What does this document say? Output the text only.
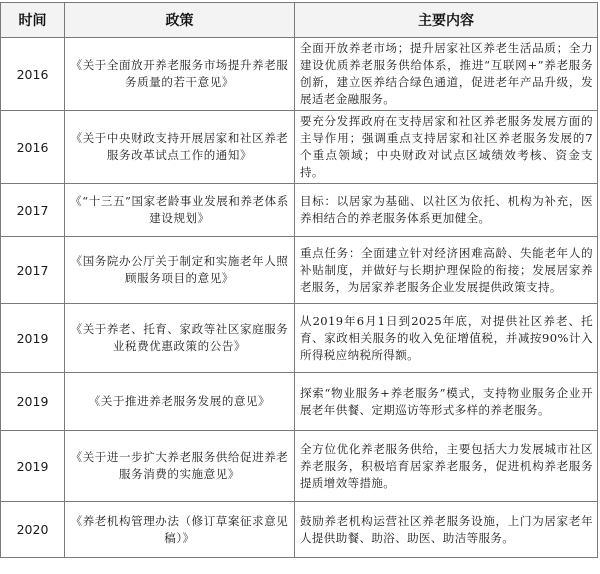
时间	政策	主要内容
2016	《关于全面放开养老服务市场提升养老服务质量的若干意见》	全面开放养老市场；提升居家社区养老生活品质；全力建设优质养老服务供给体系，推进“互联网+”养老服务创新，建立医养结合绿色通道，促进老年产品升级，发展适老金融服务。
2016	《关于中央财政支持开展居家和社区养老服务改革试点工作的通知》	要充分发挥政府在支持居家和社区养老服务发展方面的主导作用；强调重点支持居家和社区养老服务发展的7个重点领域；中央财政对试点区域绩效考核、资金支持。
2017	《“十三五”国家老龄事业发展和养老体系建设规划》	目标：以居家为基础、以社区为依托、机构为补充，医养相结合的养老服务体系更加健全。
2017	《国务院办公厅关于制定和实施老年人照顾服务项目的意见》	重点任务：全面建立针对经济困难高龄、失能老年人的补贴制度，并做好与长期护理保险的衔接；发展居家养老服务，为居家养老服务企业发展提供政策支持。
2019	《关于养老、托育、家政等社区家庭服务业税费优惠政策的公告》	从2019年6月1日到2025年底，对提供社区养老、托育、家政相关服务的收入免征增值税，并减按90%计入所得税应纳税所得额。
2019	《关于推进养老服务发展的意见》	探索“物业服务+养老服务”模式，支持物业服务企业开展老年供餐、定期巡访等形式多样的养老服务。
2019	《关于进一步扩大养老服务供给促进养老服务消费的实施意见》	全方位优化养老服务供给，主要包括大力发展城市社区养老服务，积极培育居家养老服务，促进机构养老服务提质增效等措施。
2020	《养老机构管理办法（修订草案征求意见稿）》	鼓励养老机构运营社区养老服务设施，上门为居家老年人提供助餐、助浴、助医、助洁等服务。
